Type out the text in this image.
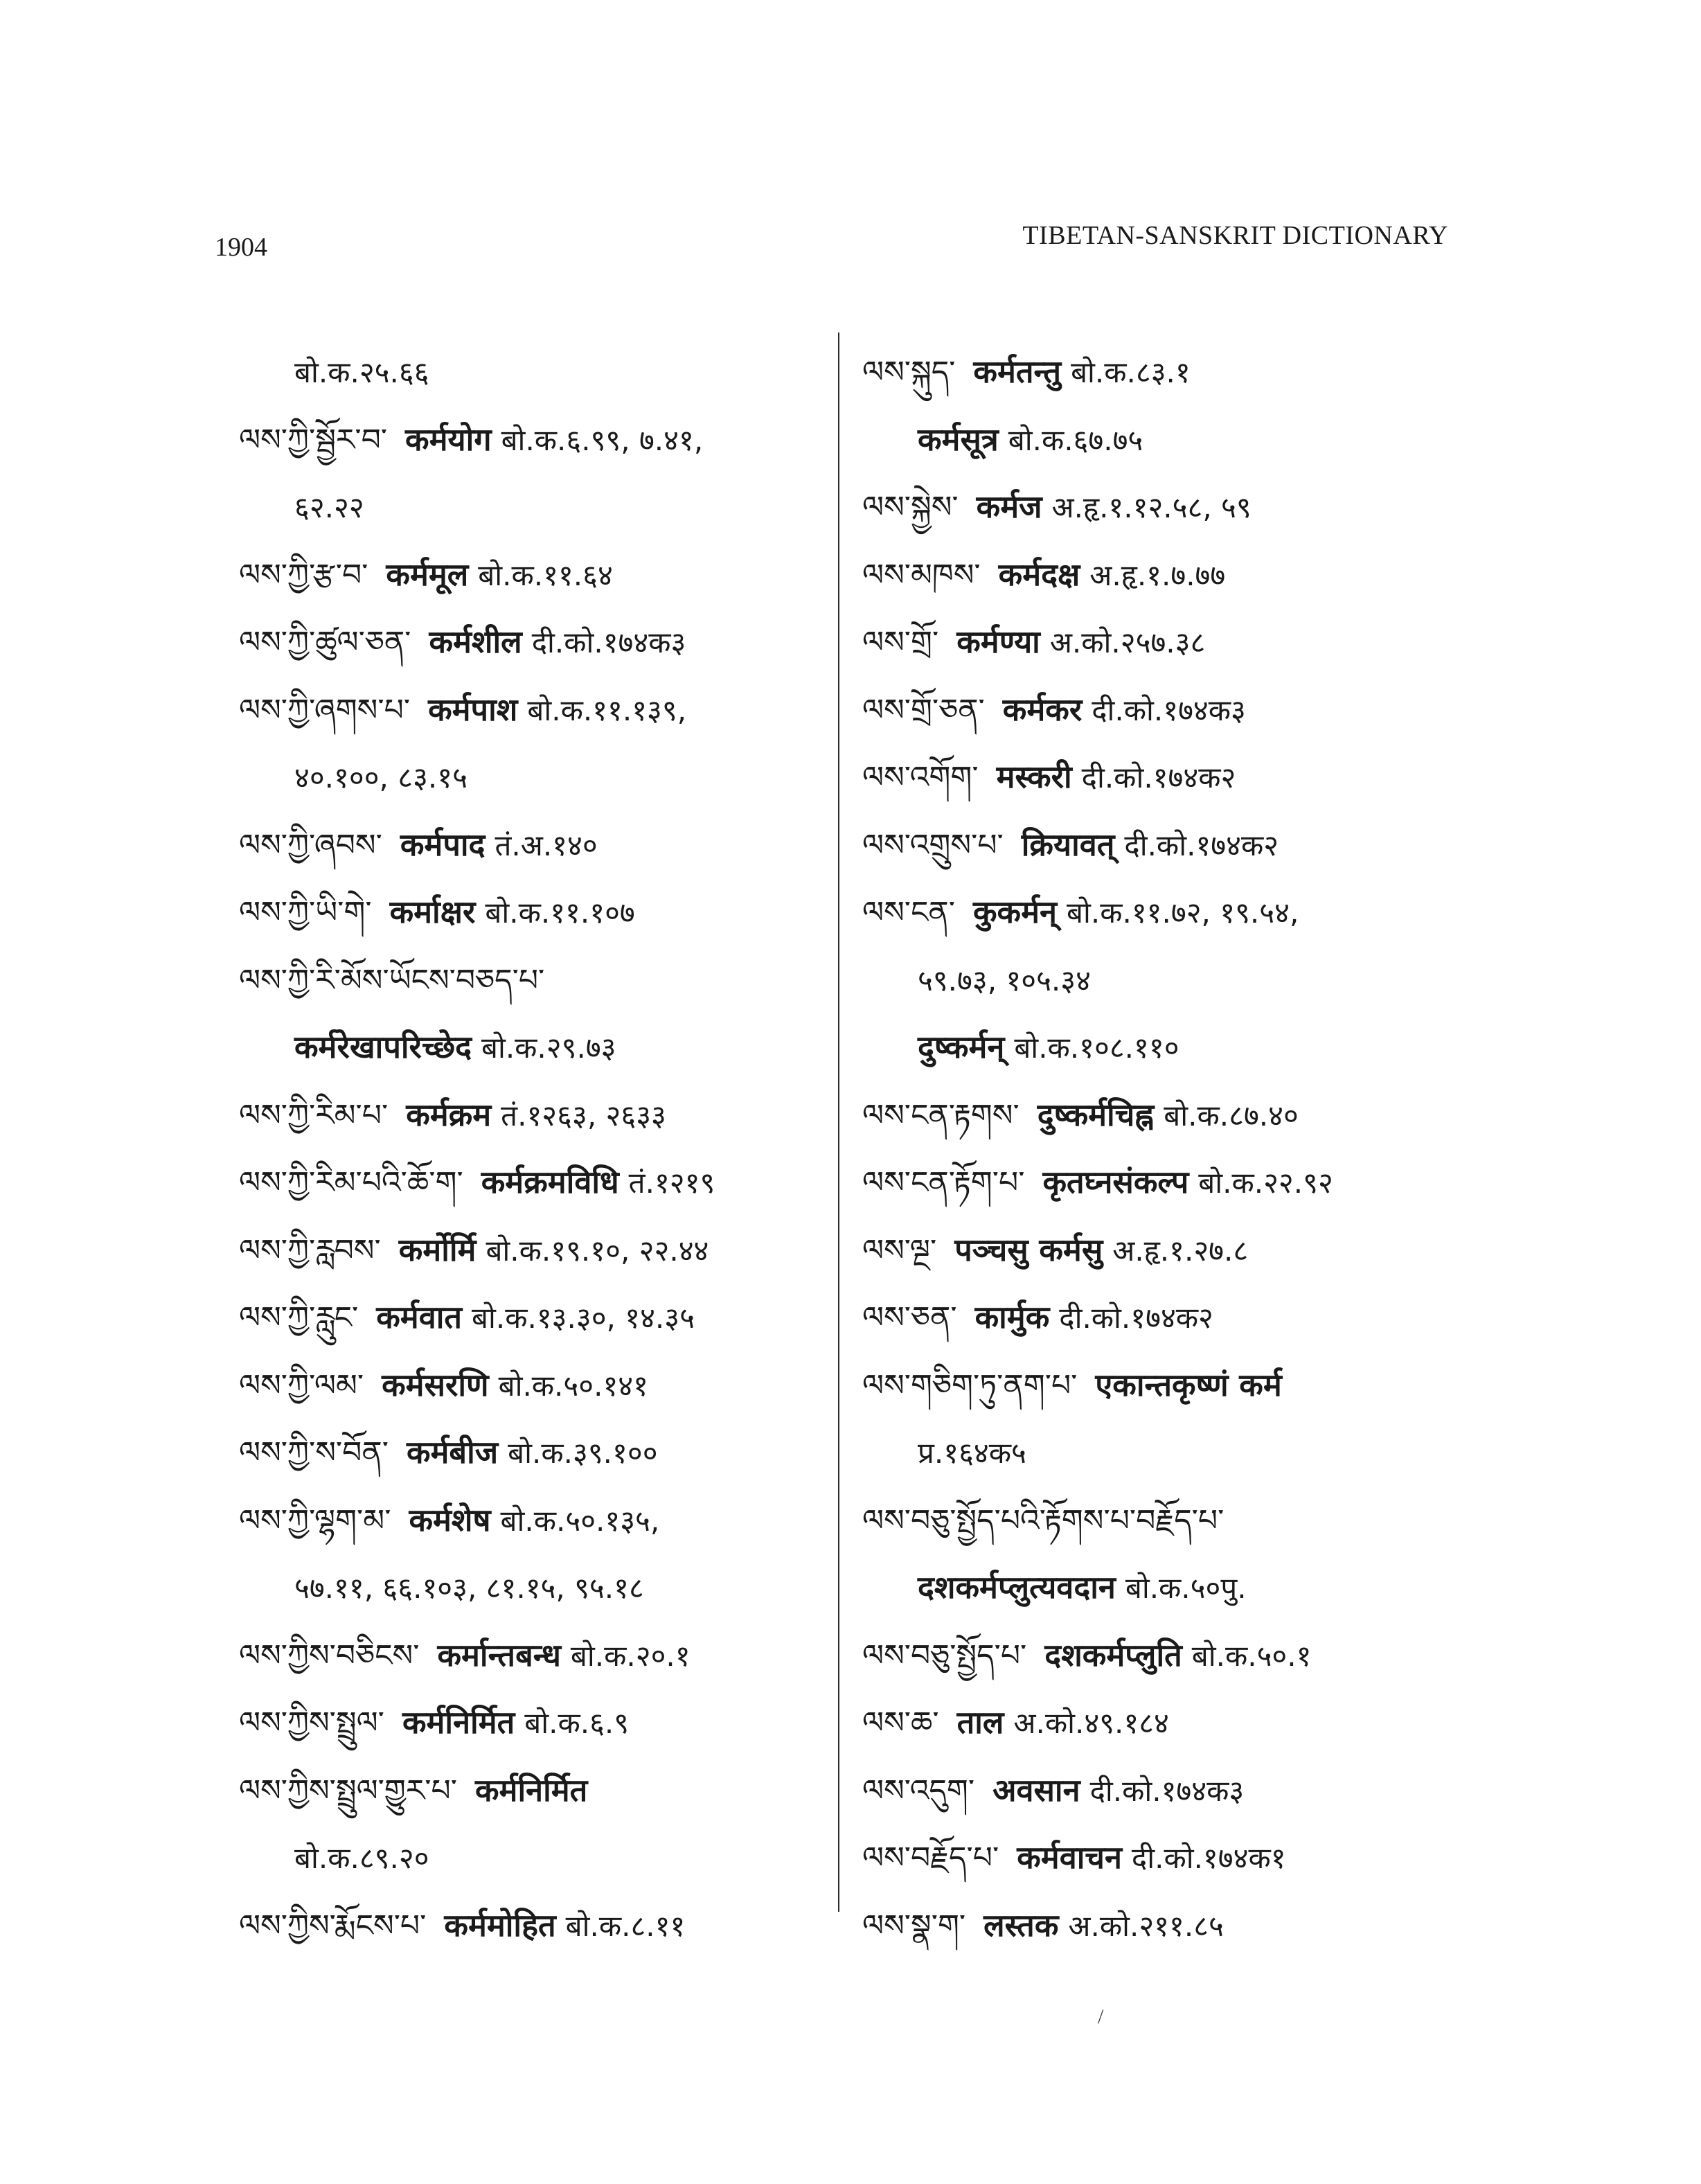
1904	TIBETAN-SANSKRIT DICTIONARY
बो.क.२५.६६
ལས་ཀྱི་སྦྱོར་བ་ कर्मयोग बो.क.६.९९, ७.४१,
६२.२२
ལས་ཀྱི་རྩ་བ་ कर्ममूल बो.क.११.६४
ལས་ཀྱི་ཚུལ་ཅན་ कर्मशील दी.को.१७४क३
ལས་ཀྱི་ཞགས་པ་ कर्मपाश बो.क.११.१३९,
४०.१००, ८३.१५
ལས་ཀྱི་ཞབས་ कर्मपाद तं.अ.१४०
ལས་ཀྱི་ཡི་གེ་ कर्माक्षर बो.क.११.१०७
ལས་ཀྱི་རི་མོས་ཡོངས་བཅད་པ་
कर्मरेखापरिच्छेद बो.क.२९.७३
ལས་ཀྱི་རིམ་པ་ कर्मक्रम तं.१२६३, २६३३
ལས་ཀྱི་རིམ་པའི་ཆོ་ག་ कर्मक्रमविधि तं.१२१९
ལས་ཀྱི་རླབས་ कर्मोर्मि बो.क.१९.१०, २२.४४
ལས་ཀྱི་རླུང་ कर्मवात बो.क.१३.३०, १४.३५
ལས་ཀྱི་ལམ་ कर्मसरणि बो.क.५०.१४१
ལས་ཀྱི་ས་བོན་ कर्मबीज बो.क.३९.१००
ལས་ཀྱི་ལྷག་མ་ कर्मशेष बो.क.५०.१३५,
५७.११, ६६.१०३, ८१.१५, ९५.१८
ལས་ཀྱིས་བཅིངས་ कर्मान्तबन्ध बो.क.२०.१
ལས་ཀྱིས་སྤྲུལ་ कर्मनिर्मित बो.क.६.९
ལས་ཀྱིས་སྤྲུལ་གྱུར་པ་ कर्मनिर्मित
बो.क.८९.२०
ལས་ཀྱིས་རྨོངས་པ་ कर्ममोहित बो.क.८.११
ལས་སྐུད་ कर्मतन्तु बो.क.८३.१
कर्मसूत्र बो.क.६७.७५
ལས་སྐྱེས་ कर्मज अ.हृ.१.१२.५८, ५९
ལས་མཁས་ कर्मदक्ष अ.हृ.१.७.७७
ལས་གྲོ་ कर्मण्या अ.को.२५७.३८
ལས་གྲོ་ཅན་ कर्मकर दी.को.१७४क३
ལས་འགོག་ मस्करी दी.को.१७४क२
ལས་འགྲུས་པ་ क्रियावत् दी.को.१७४क२
ལས་ངན་ कुकर्मन् बो.क.११.७२, १९.५४,
५९.७३, १०५.३४
दुष्कर्मन् बो.क.१०८.११०
ལས་ངན་རྟགས་ दुष्कर्मचिह्न बो.क.८७.४०
ལས་ངན་རྟོག་པ་ कृतघ्नसंकल्प बो.क.२२.९२
ལས་ལྔ་ पञ्चसु कर्मसु अ.हृ.१.२७.८
ལས་ཅན་ कार्मुक दी.को.१७४क२
ལས་གཅིག་ཏུ་ནག་པ་ एकान्तकृष्णं कर्म
प्र.१६४क५
ལས་བཅུ་སྤྱོད་པའི་རྟོགས་པ་བརྗོད་པ་
दशकर्मप्लुत्यवदान बो.क.५०पु.
ལས་བཅུ་སྤྱོད་པ་ दशकर्मप्लुति बो.क.५०.१
ལས་ཆ་ ताल अ.को.४९.१८४
ལས་འདུག་ अवसान दी.को.१७४क३
ལས་བརྗོད་པ་ कर्मवाचन दी.को.१७४क१
ལས་སྣ་ག་ लस्तक अ.को.२११.८५
/
